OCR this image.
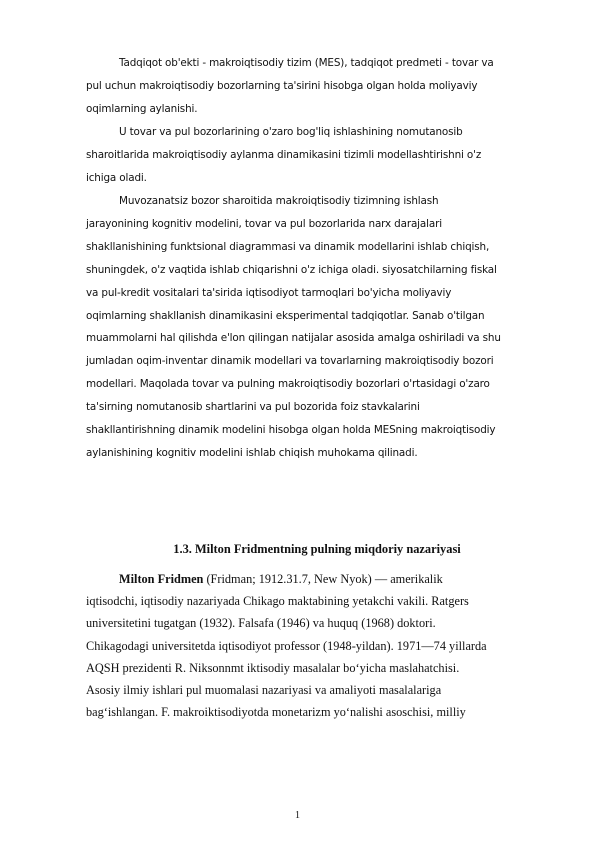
Tadqiqot ob'ekti - makroiqtisodiy tizim (MES), tadqiqot predmeti - tovar va
pul uchun makroiqtisodiy bozorlarning ta'sirini hisobga olgan holda moliyaviy
oqimlarning aylanishi.
U tovar va pul bozorlarining o'zaro bog'liq ishlashining nomutanosib
sharoitlarida makroiqtisodiy aylanma dinamikasini tizimli modellashtirishni o'z
ichiga oladi.
Muvozanatsiz bozor sharoitida makroiqtisodiy tizimning ishlash
jarayonining kognitiv modelini, tovar va pul bozorlarida narx darajalari
shakllanishining funktsional diagrammasi va dinamik modellarini ishlab chiqish,
shuningdek, o'z vaqtida ishlab chiqarishni o'z ichiga oladi. siyosatchilarning fiskal
va pul-kredit vositalari ta'sirida iqtisodiyot tarmoqlari bo'yicha moliyaviy
oqimlarning shakllanish dinamikasini eksperimental tadqiqotlar. Sanab o'tilgan
muammolarni hal qilishda e'lon qilingan natijalar asosida amalga oshiriladi va shu
jumladan oqim-inventar dinamik modellari va tovarlarning makroiqtisodiy bozori
modellari. Maqolada tovar va pulning makroiqtisodiy bozorlari o'rtasidagi o'zaro
ta'sirning nomutanosib shartlarini va pul bozorida foiz stavkalarini
shakllantirishning dinamik modelini hisobga olgan holda MESning makroiqtisodiy
aylanishining kognitiv modelini ishlab chiqish muhokama qilinadi.
1.3. Milton Fridmentning pulning miqdoriy nazariyasi
Milton Fridmen (Fridman; 1912.31.7, New Nyok) — amerikalik
iqtisodchi, iqtisodiy nazariyada Chikago maktabining yetakchi vakili. Ratgers
universitetini tugatgan (1932). Falsafa (1946) va huquq (1968) doktori.
Chikagodagi universitetda iqtisodiyot professor (1948-yildan). 1971—74 yillarda
AQSH prezidenti R. Niksonnmt iktisodiy masalalar boʻyicha maslahatchisi.
Asosiy ilmiy ishlari pul muomalasi nazariyasi va amaliyoti masalalariga
bagʻishlangan. F. makroiktisodiyotda monetarizm yoʻnalishi asoschisi, milliy
1
